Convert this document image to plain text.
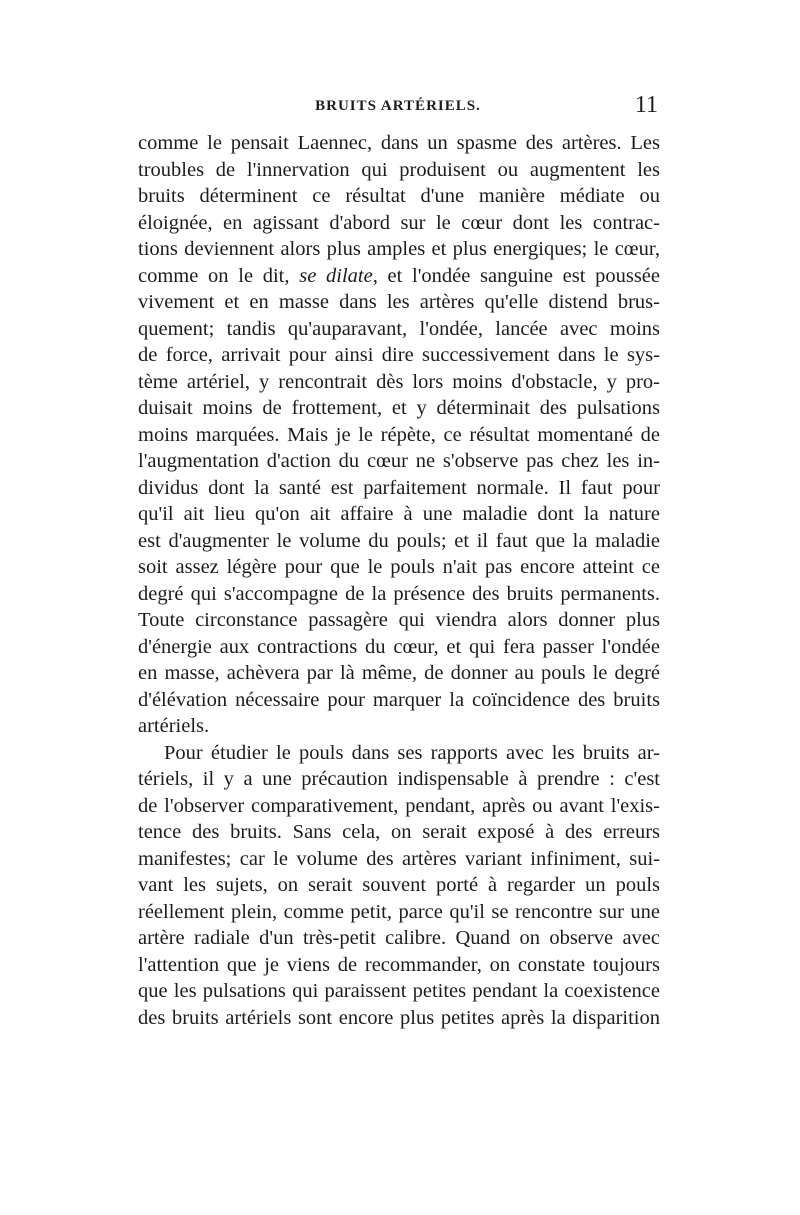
BRUITS ARTÉRIELS.	11
comme le pensait Laennec, dans un spasme des artères. Les
troubles de l'innervation qui produisent ou augmentent les
bruits déterminent ce résultat d'une manière médiate ou
éloignée, en agissant d'abord sur le cœur dont les contrac-
tions deviennent alors plus amples et plus energiques; le cœur,
comme on le dit, se dilate, et l'ondée sanguine est poussée
vivement et en masse dans les artères qu'elle distend brus-
quement; tandis qu'auparavant, l'ondée, lancée avec moins
de force, arrivait pour ainsi dire successivement dans le sys-
tème artériel, y rencontrait dès lors moins d'obstacle, y pro-
duisait moins de frottement, et y déterminait des pulsations
moins marquées. Mais je le répète, ce résultat momentané de
l'augmentation d'action du cœur ne s'observe pas chez les in-
dividus dont la santé est parfaitement normale. Il faut pour
qu'il ait lieu qu'on ait affaire à une maladie dont la nature
est d'augmenter le volume du pouls; et il faut que la maladie
soit assez légère pour que le pouls n'ait pas encore atteint ce
degré qui s'accompagne de la présence des bruits permanents.
Toute circonstance passagère qui viendra alors donner plus
d'énergie aux contractions du cœur, et qui fera passer l'ondée
en masse, achèvera par là même, de donner au pouls le degré
d'élévation nécessaire pour marquer la coïncidence des bruits
artériels.
Pour étudier le pouls dans ses rapports avec les bruits ar-
tériels, il y a une précaution indispensable à prendre : c'est
de l'observer comparativement, pendant, après ou avant l'exis-
tence des bruits. Sans cela, on serait exposé à des erreurs
manifestes; car le volume des artères variant infiniment, sui-
vant les sujets, on serait souvent porté à regarder un pouls
réellement plein, comme petit, parce qu'il se rencontre sur une
artère radiale d'un très-petit calibre. Quand on observe avec
l'attention que je viens de recommander, on constate toujours
que les pulsations qui paraissent petites pendant la coexistence
des bruits artériels sont encore plus petites après la disparition
